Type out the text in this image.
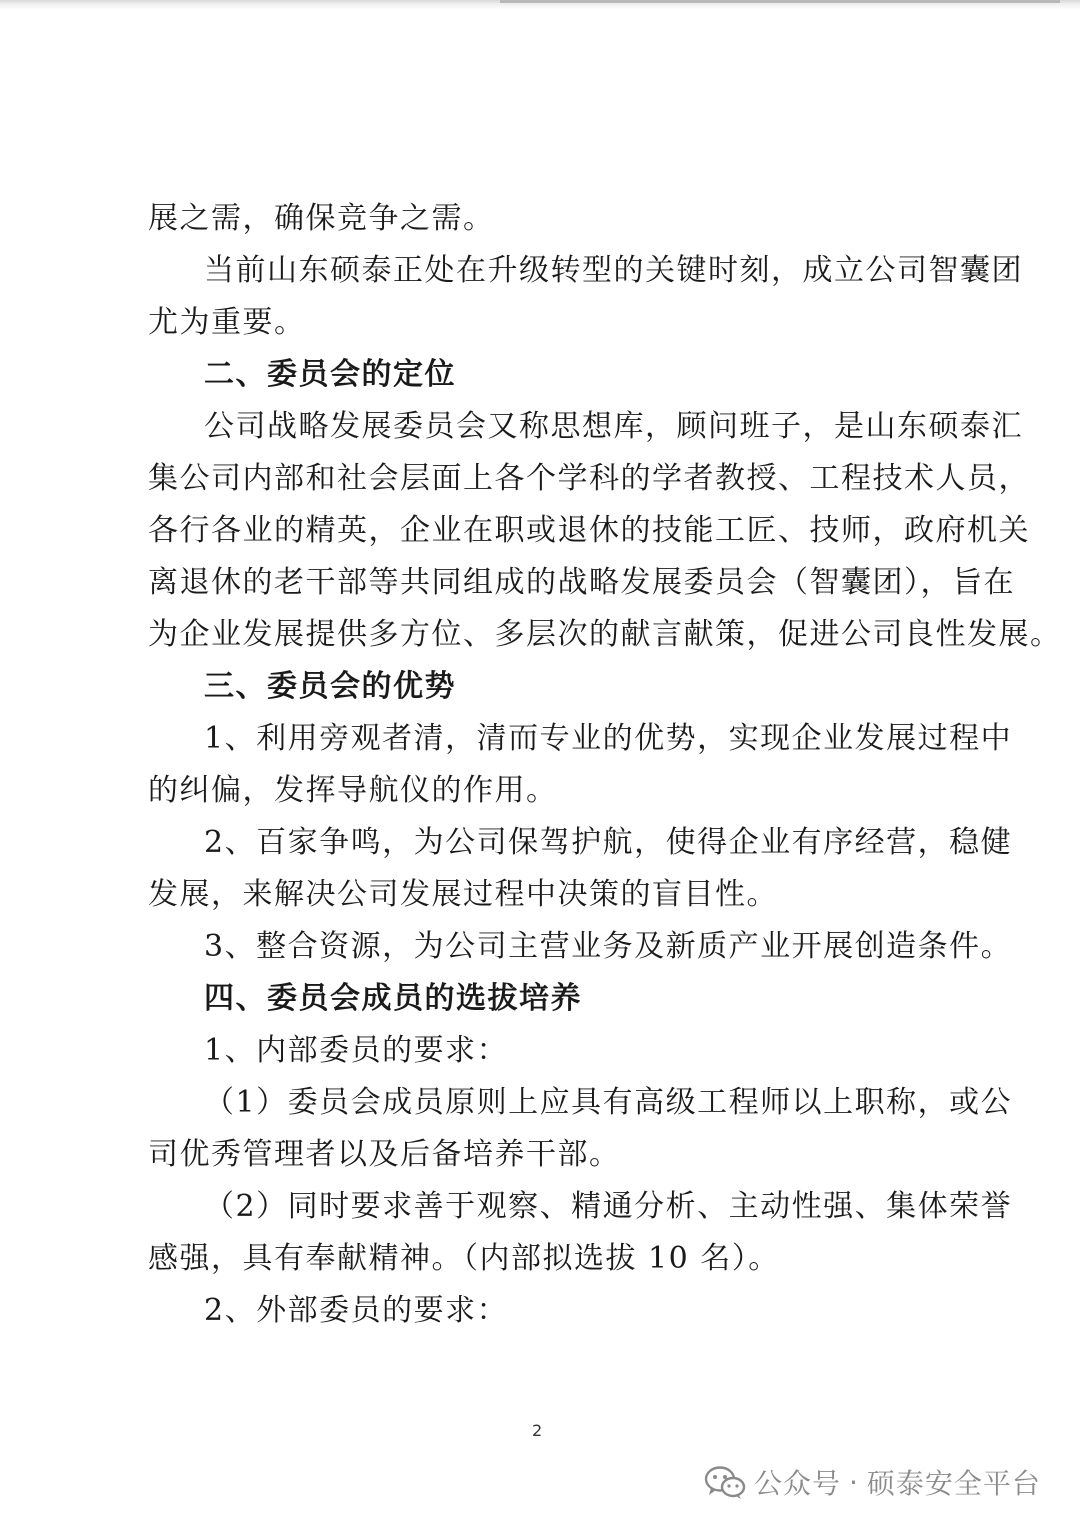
展之需，确保竞争之需。
当前山东硕泰正处在升级转型的关键时刻，成立公司智囊团
尤为重要。
二、委员会的定位
公司战略发展委员会又称思想库，顾问班子，是山东硕泰汇
集公司内部和社会层面上各个学科的学者教授、工程技术人员，
各行各业的精英，企业在职或退休的技能工匠、技师，政府机关
离退休的老干部等共同组成的战略发展委员会（智囊团），旨在
为企业发展提供多方位、多层次的献言献策，促进公司良性发展。
三、委员会的优势
1、利用旁观者清，清而专业的优势，实现企业发展过程中
的纠偏，发挥导航仪的作用。
2、百家争鸣，为公司保驾护航，使得企业有序经营，稳健
发展，来解决公司发展过程中决策的盲目性。
3、整合资源，为公司主营业务及新质产业开展创造条件。
四、委员会成员的选拔培养
1、内部委员的要求：
（1）委员会成员原则上应具有高级工程师以上职称，或公
司优秀管理者以及后备培养干部。
（2）同时要求善于观察、精通分析、主动性强、集体荣誉
感强，具有奉献精神。（内部拟选拔 10 名）。
2、外部委员的要求：
2
公众号 · 硕泰安全平台
